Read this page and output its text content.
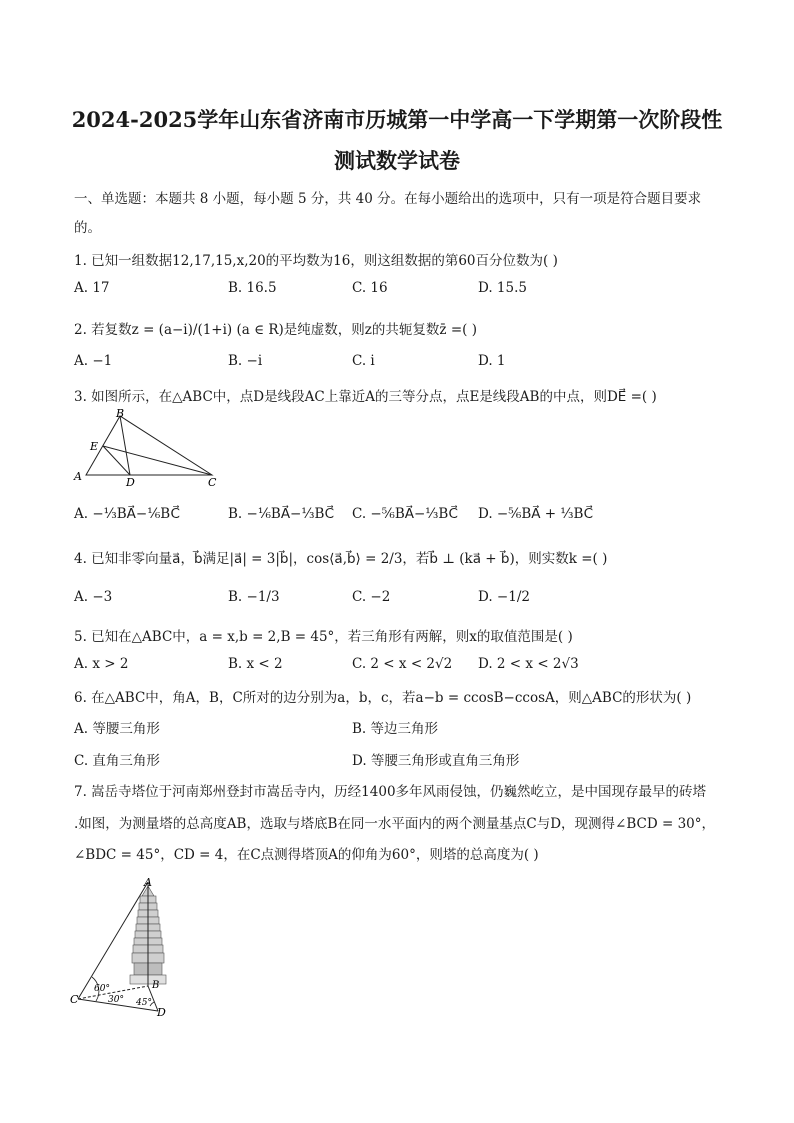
2024-2025学年山东省济南市历城第一中学高一下学期第一次阶段性
测试数学试卷
一、单选题：本题共 8 小题，每小题 5 分，共 40 分。在每小题给出的选项中，只有一项是符合题目要求
的。
1. 已知一组数据12,17,15,x,20的平均数为16，则这组数据的第60百分位数为( )
A. 17	B. 16.5	C. 16	D. 15.5
2. 若复数z = (a−i)/(1+i) (a ∈ R)是纯虚数，则z的共轭复数z̄ =( )
A. −1	B. −i	C. i	D. 1
3. 如图所示，在△ABC中，点D是线段AC上靠近A的三等分点，点E是线段AB的中点，则DE⃗ =( )
A
B
C
D
E
A. −⅓BA⃗−⅙BC⃗	B. −⅙BA⃗−⅓BC⃗ C. −⅚BA⃗−⅓BC⃗ D. −⅚BA⃗ + ⅓BC⃗
4. 已知非零向量a⃗，b⃗满足|a⃗| = 3|b⃗|，cos⟨a⃗,b⃗⟩ = 2/3，若b⃗ ⊥ (ka⃗ + b⃗)，则实数k =( )
A. −3	B. −1/3	C. −2	D. −1/2
5. 已知在△ABC中，a = x,b = 2,B = 45°，若三角形有两解，则x的取值范围是( )
A. x > 2	B. x < 2	C. 2 < x < 2√2 D. 2 < x < 2√3
6. 在△ABC中，角A，B，C所对的边分别为a，b，c，若a−b = ccosB−ccosA，则△ABC的形状为( )
A. 等腰三角形	B. 等边三角形
C. 直角三角形	D. 等腰三角形或直角三角形
7. 嵩岳寺塔位于河南郑州登封市嵩岳寺内，历经1400多年风雨侵蚀，仍巍然屹立，是中国现存最早的砖塔
.如图，为测量塔的总高度AB，选取与塔底B在同一水平面内的两个测量基点C与D，现测得∠BCD = 30°，
∠BDC = 45°，CD = 4，在C点测得塔顶A的仰角为60°，则塔的总高度为( )
A
B
C
D
60°
30° 45°
